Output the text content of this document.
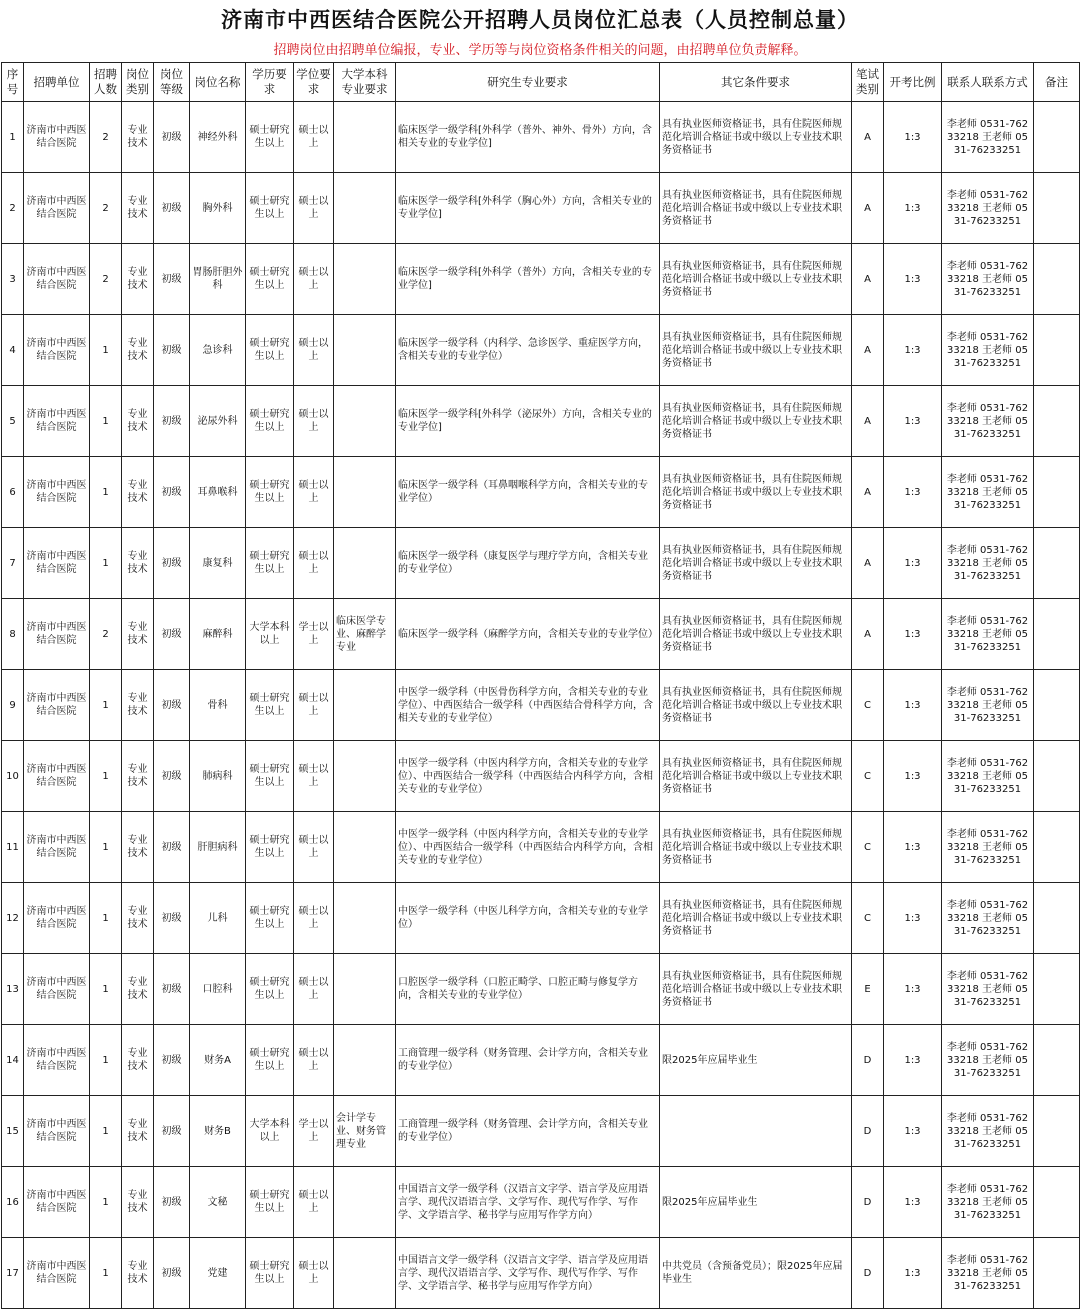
济南市中西医结合医院公开招聘人员岗位汇总表（人员控制总量）
招聘岗位由招聘单位编报，专业、学历等与岗位资格条件相关的问题，由招聘单位负责解释。
序号	招聘单位	招聘人数	岗位类别	岗位等级	岗位名称	学历要求	学位要求	大学本科专业要求	研究生专业要求	其它条件要求	笔试类别	开考比例	联系人联系方式	备注
1	济南市中西医结合医院	2	专业技术	初级	神经外科	硕士研究生以上	硕士以上		临床医学一级学科[外科学（普外、神外、骨外）方向，含相关专业的专业学位]	具有执业医师资格证书，具有住院医师规范化培训合格证书或中级以上专业技术职务资格证书	A	1:3	李老师 0531-76233218 王老师 0531-76233251	
2	济南市中西医结合医院	2	专业技术	初级	胸外科	硕士研究生以上	硕士以上		临床医学一级学科[外科学（胸心外）方向，含相关专业的专业学位]	具有执业医师资格证书，具有住院医师规范化培训合格证书或中级以上专业技术职务资格证书	A	1:3	李老师 0531-76233218 王老师 0531-76233251	
3	济南市中西医结合医院	2	专业技术	初级	胃肠肝胆外科	硕士研究生以上	硕士以上		临床医学一级学科[外科学（普外）方向，含相关专业的专业学位]	具有执业医师资格证书，具有住院医师规范化培训合格证书或中级以上专业技术职务资格证书	A	1:3	李老师 0531-76233218 王老师 0531-76233251	
4	济南市中西医结合医院	1	专业技术	初级	急诊科	硕士研究生以上	硕士以上		临床医学一级学科（内科学、急诊医学、重症医学方向，含相关专业的专业学位）	具有执业医师资格证书，具有住院医师规范化培训合格证书或中级以上专业技术职务资格证书	A	1:3	李老师 0531-76233218 王老师 0531-76233251	
5	济南市中西医结合医院	1	专业技术	初级	泌尿外科	硕士研究生以上	硕士以上		临床医学一级学科[外科学（泌尿外）方向，含相关专业的专业学位]	具有执业医师资格证书，具有住院医师规范化培训合格证书或中级以上专业技术职务资格证书	A	1:3	李老师 0531-76233218 王老师 0531-76233251	
6	济南市中西医结合医院	1	专业技术	初级	耳鼻喉科	硕士研究生以上	硕士以上		临床医学一级学科（耳鼻咽喉科学方向，含相关专业的专业学位）	具有执业医师资格证书，具有住院医师规范化培训合格证书或中级以上专业技术职务资格证书	A	1:3	李老师 0531-76233218 王老师 0531-76233251	
7	济南市中西医结合医院	1	专业技术	初级	康复科	硕士研究生以上	硕士以上		临床医学一级学科（康复医学与理疗学方向，含相关专业的专业学位）	具有执业医师资格证书，具有住院医师规范化培训合格证书或中级以上专业技术职务资格证书	A	1:3	李老师 0531-76233218 王老师 0531-76233251	
8	济南市中西医结合医院	2	专业技术	初级	麻醉科	大学本科以上	学士以上	临床医学专业、麻醉学专业	临床医学一级学科（麻醉学方向，含相关专业的专业学位）	具有执业医师资格证书，具有住院医师规范化培训合格证书或中级以上专业技术职务资格证书	A	1:3	李老师 0531-76233218 王老师 0531-76233251	
9	济南市中西医结合医院	1	专业技术	初级	骨科	硕士研究生以上	硕士以上		中医学一级学科（中医骨伤科学方向，含相关专业的专业学位）、中西医结合一级学科（中西医结合骨科学方向，含相关专业的专业学位）	具有执业医师资格证书，具有住院医师规范化培训合格证书或中级以上专业技术职务资格证书	C	1:3	李老师 0531-76233218 王老师 0531-76233251	
10	济南市中西医结合医院	1	专业技术	初级	肺病科	硕士研究生以上	硕士以上		中医学一级学科（中医内科学方向，含相关专业的专业学位）、中西医结合一级学科（中西医结合内科学方向，含相关专业的专业学位）	具有执业医师资格证书，具有住院医师规范化培训合格证书或中级以上专业技术职务资格证书	C	1:3	李老师 0531-76233218 王老师 0531-76233251	
11	济南市中西医结合医院	1	专业技术	初级	肝胆病科	硕士研究生以上	硕士以上		中医学一级学科（中医内科学方向，含相关专业的专业学位）、中西医结合一级学科（中西医结合内科学方向，含相关专业的专业学位）	具有执业医师资格证书，具有住院医师规范化培训合格证书或中级以上专业技术职务资格证书	C	1:3	李老师 0531-76233218 王老师 0531-76233251	
12	济南市中西医结合医院	1	专业技术	初级	儿科	硕士研究生以上	硕士以上		中医学一级学科（中医儿科学方向，含相关专业的专业学位）	具有执业医师资格证书，具有住院医师规范化培训合格证书或中级以上专业技术职务资格证书	C	1:3	李老师 0531-76233218 王老师 0531-76233251	
13	济南市中西医结合医院	1	专业技术	初级	口腔科	硕士研究生以上	硕士以上		口腔医学一级学科（口腔正畸学、口腔正畸与修复学方向，含相关专业的专业学位）	具有执业医师资格证书，具有住院医师规范化培训合格证书或中级以上专业技术职务资格证书	E	1:3	李老师 0531-76233218 王老师 0531-76233251	
14	济南市中西医结合医院	1	专业技术	初级	财务A	硕士研究生以上	硕士以上		工商管理一级学科（财务管理、会计学方向，含相关专业的专业学位）	限2025年应届毕业生	D	1:3	李老师 0531-76233218 王老师 0531-76233251	
15	济南市中西医结合医院	1	专业技术	初级	财务B	大学本科以上	学士以上	会计学专业、财务管理专业	工商管理一级学科（财务管理、会计学方向，含相关专业的专业学位）		D	1:3	李老师 0531-76233218 王老师 0531-76233251	
16	济南市中西医结合医院	1	专业技术	初级	文秘	硕士研究生以上	硕士以上		中国语言文学一级学科（汉语言文字学、语言学及应用语言学、现代汉语语言学、文学写作、现代写作学、写作学、文学语言学、秘书学与应用写作学方向）	限2025年应届毕业生	D	1:3	李老师 0531-76233218 王老师 0531-76233251	
17	济南市中西医结合医院	1	专业技术	初级	党建	硕士研究生以上	硕士以上		中国语言文学一级学科（汉语言文字学、语言学及应用语言学、现代汉语语言学、文学写作、现代写作学、写作学、文学语言学、秘书学与应用写作学方向）	中共党员（含预备党员）；限2025年应届毕业生	D	1:3	李老师 0531-76233218 王老师 0531-76233251	
